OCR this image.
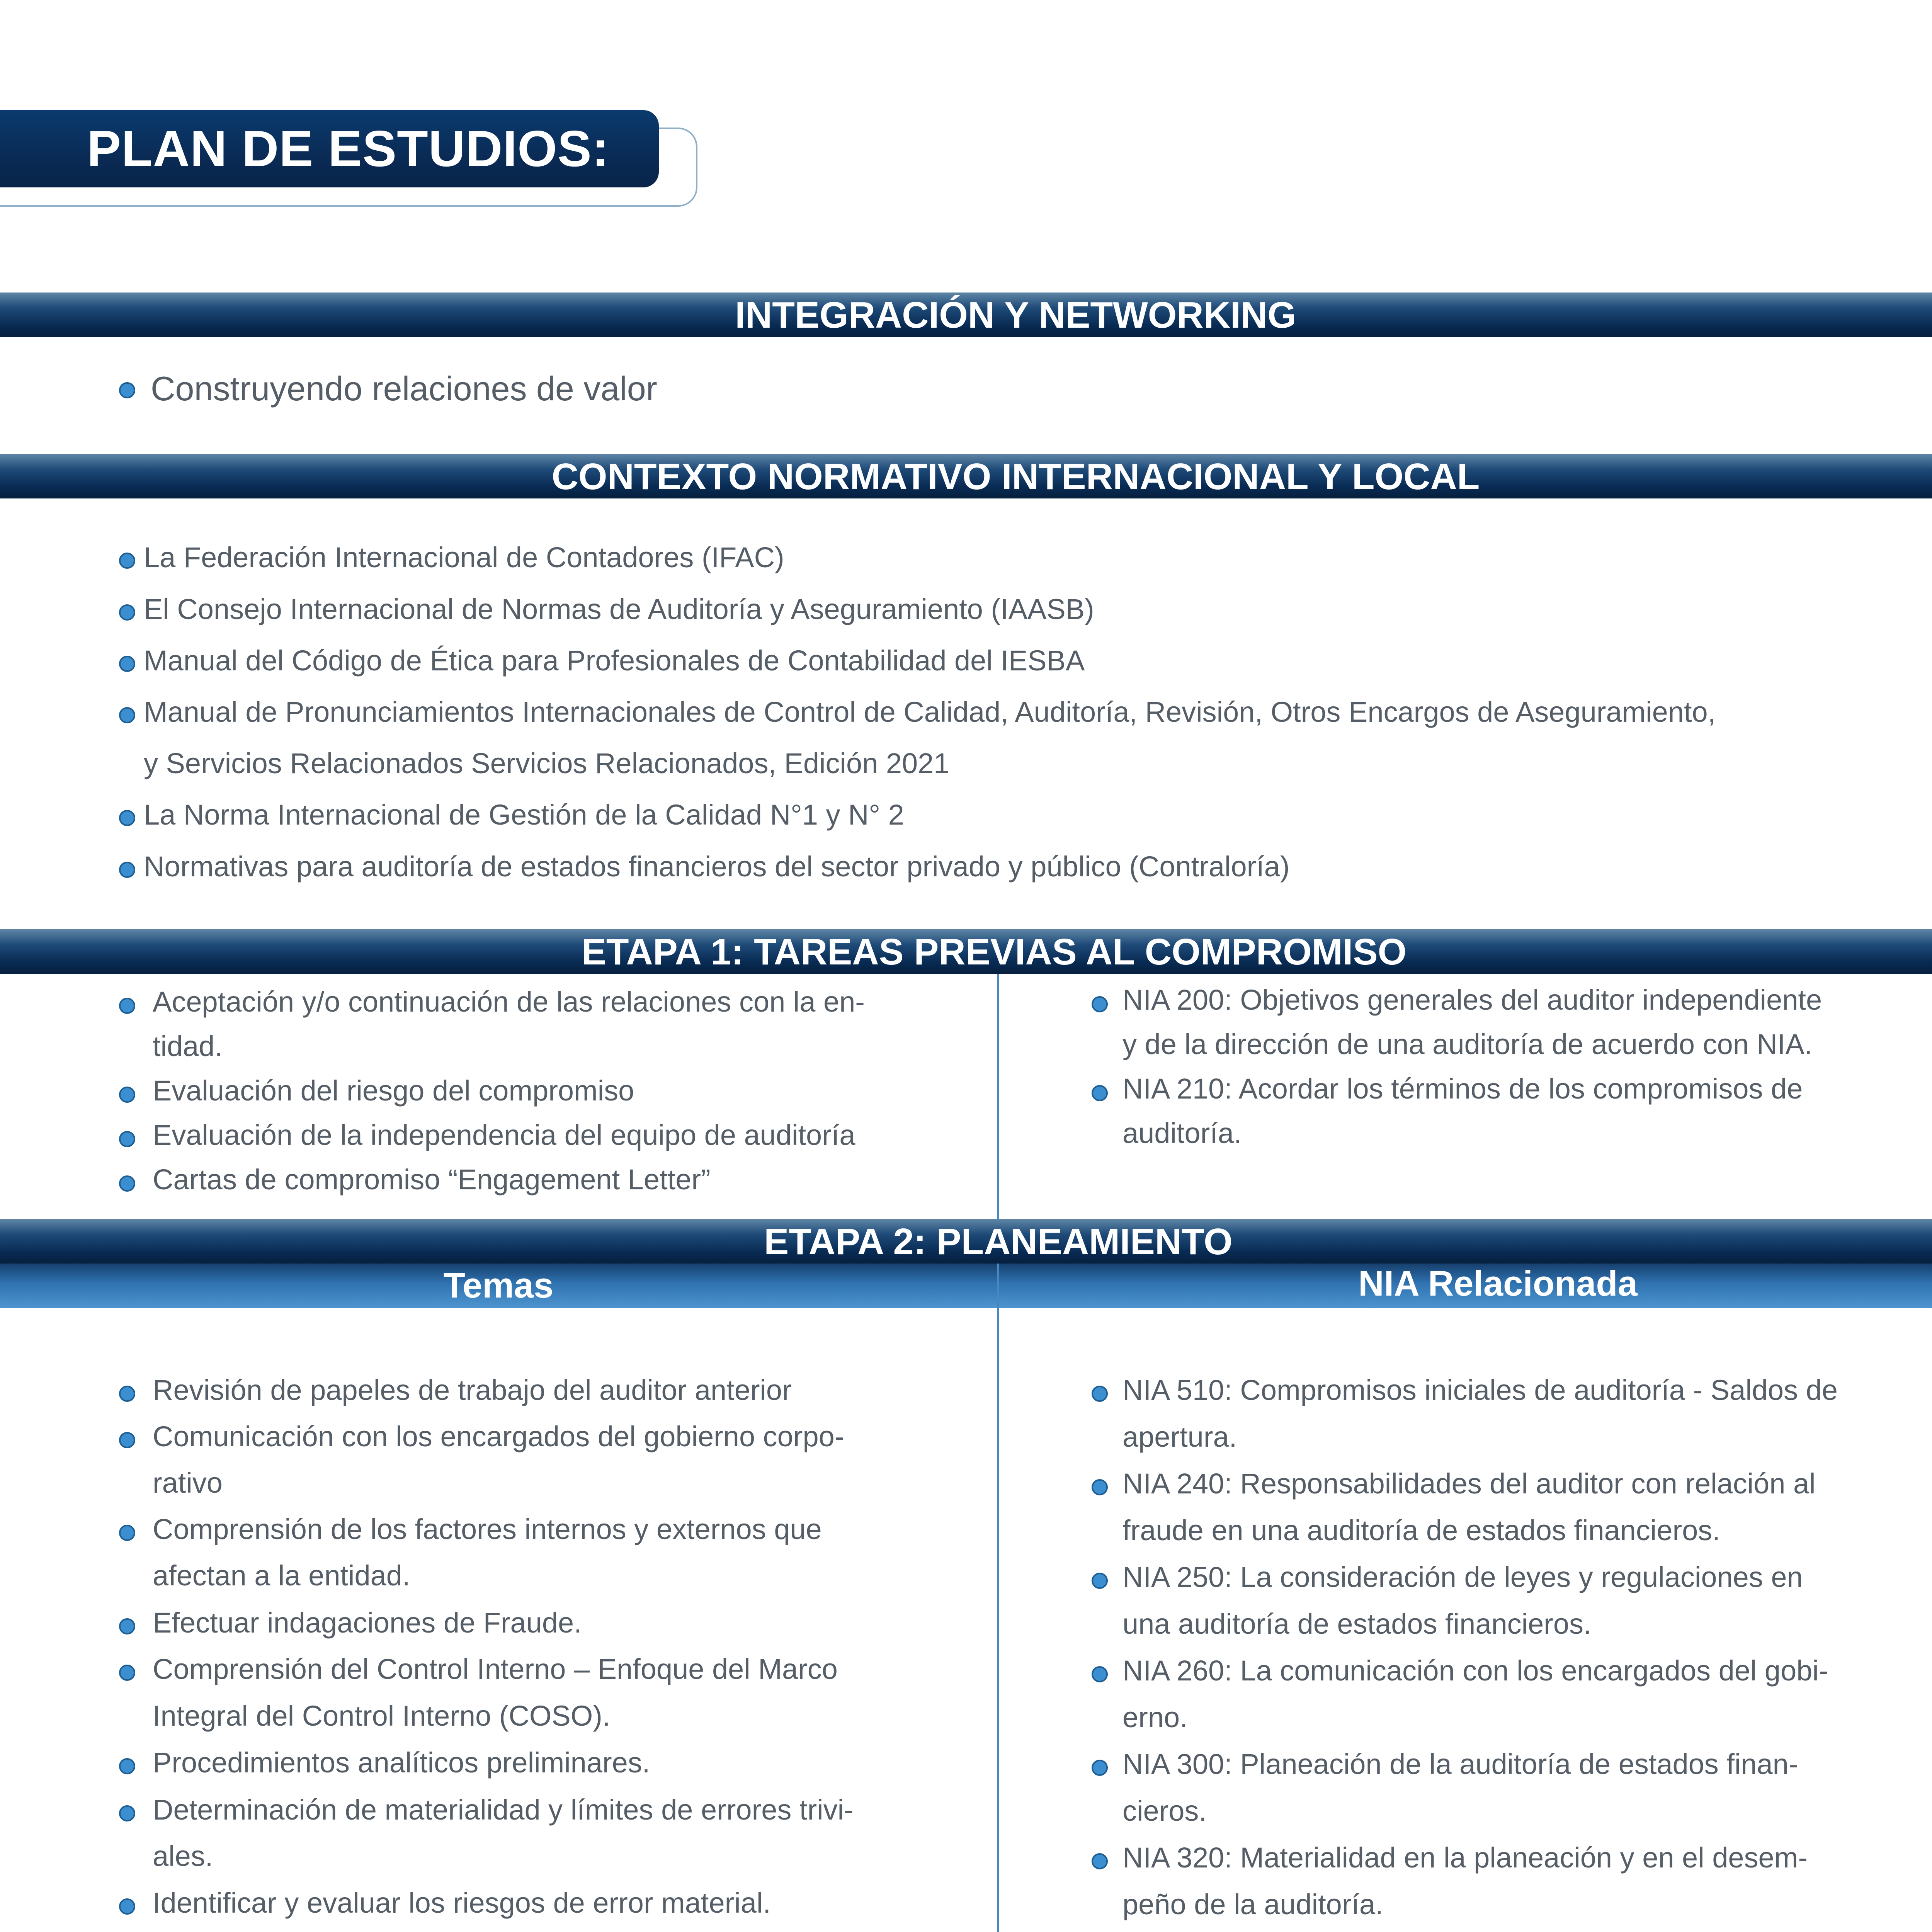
PLAN DE ESTUDIOS:
INTEGRACIÓN Y NETWORKING
Construyendo relaciones de valor
CONTEXTO NORMATIVO INTERNACIONAL Y LOCAL
La Federación Internacional de Contadores (IFAC)
El Consejo Internacional de Normas de Auditoría y Aseguramiento (IAASB)
Manual del Código de Ética para Profesionales de Contabilidad del IESBA
Manual de Pronunciamientos Internacionales de Control de Calidad, Auditoría, Revisión, Otros Encargos de Aseguramiento,
y Servicios Relacionados Servicios Relacionados, Edición 2021
La Norma Internacional de Gestión de la Calidad N°1 y N° 2
Normativas para auditoría de estados financieros del sector privado y público (Contraloría)
ETAPA 1: TAREAS PREVIAS AL COMPROMISO
Aceptación y/o continuación de las relaciones con la en-
tidad.
Evaluación del riesgo del compromiso
Evaluación de la independencia del equipo de auditoría
Cartas de compromiso “Engagement Letter”
NIA 200: Objetivos generales del auditor independiente
y de la dirección de una auditoría de acuerdo con NIA.
NIA 210: Acordar los términos de los compromisos de
auditoría.
ETAPA 2: PLANEAMIENTO
Temas	NIA Relacionada
Revisión de papeles de trabajo del auditor anterior
Comunicación con los encargados del gobierno corpo-
rativo
Comprensión de los factores internos y externos que
afectan a la entidad.
Efectuar indagaciones de Fraude.
Comprensión del Control Interno – Enfoque del Marco
Integral del Control Interno (COSO).
Procedimientos analíticos preliminares.
Determinación de materialidad y límites de errores trivi-
ales.
Identificar y evaluar los riesgos de error material.
NIA 510: Compromisos iniciales de auditoría - Saldos de
apertura.
NIA 240: Responsabilidades del auditor con relación al
fraude en una auditoría de estados financieros.
NIA 250: La consideración de leyes y regulaciones en
una auditoría de estados financieros.
NIA 260: La comunicación con los encargados del gobi-
erno.
NIA 300: Planeación de la auditoría de estados finan-
cieros.
NIA 320: Materialidad en la planeación y en el desem-
peño de la auditoría.
